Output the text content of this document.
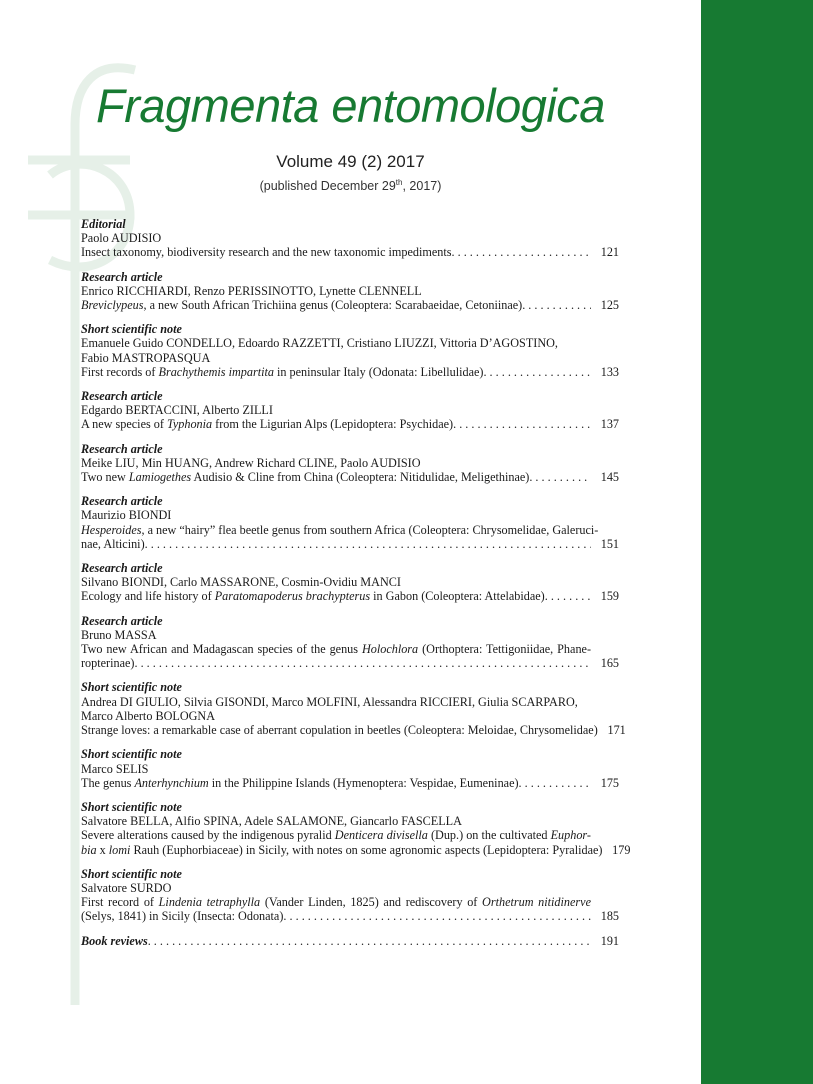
Fragmenta entomologica
Volume 49 (2) 2017
(published December 29th, 2017)
Editorial
Paolo AUDISIO
Insect taxonomy, biodiversity research and the new taxonomic impediments . . .	121
Research article
Enrico RICCHIARDI, Renzo PERISSINOTTO, Lynette CLENNELL
Breviclypeus, a new South African Trichiina genus (Coleoptera: Scarabaeidae, Cetoniinae) . . .	125
Short scientific note
Emanuele Guido CONDELLO, Edoardo RAZZETTI, Cristiano LIUZZI, Vittoria D’AGOSTINO,
Fabio MASTROPASQUA
First records of Brachythemis impartita in peninsular Italy (Odonata: Libellulidae) . . .	133
Research article
Edgardo BERTACCINI, Alberto ZILLI
A new species of Typhonia from the Ligurian Alps (Lepidoptera: Psychidae) . . .	137
Research article
Meike LIU, Min HUANG, Andrew Richard CLINE, Paolo AUDISIO
Two new Lamiogethes Audisio & Cline from China (Coleoptera: Nitidulidae, Meligethinae) . . .	145
Research article
Maurizio BIONDI
Hesperoides, a new “hairy” flea beetle genus from southern Africa (Coleoptera: Chrysomelidae, Galeruci-
nae, Alticini) . . .	151
Research article
Silvano BIONDI, Carlo MASSARONE, Cosmin-Ovidiu MANCI
Ecology and life history of Paratomapoderus brachypterus in Gabon (Coleoptera: Attelabidae) . . .	159
Research article
Bruno MASSA
Two new African and Madagascan species of the genus Holochlora (Orthoptera: Tettigoniidae, Phane-
ropterinae) . . .	165
Short scientific note
Andrea DI GIULIO, Silvia GISONDI, Marco MOLFINI, Alessandra RICCIERI, Giulia SCARPARO,
Marco Alberto BOLOGNA
Strange loves: a remarkable case of aberrant copulation in beetles (Coleoptera: Meloidae, Chrysomelidae) 171
Short scientific note
Marco SELIS
The genus Anterhynchium in the Philippine Islands (Hymenoptera: Vespidae, Eumeninae) . . .	175
Short scientific note
Salvatore BELLA, Alfio SPINA, Adele SALAMONE, Giancarlo FASCELLA
Severe alterations caused by the indigenous pyralid Denticera divisella (Dup.) on the cultivated Euphor-
bia x lomi Rauh (Euphorbiaceae) in Sicily, with notes on some agronomic aspects (Lepidoptera: Pyralidae) 179
Short scientific note
Salvatore SURDO
First record of Lindenia tetraphylla (Vander Linden, 1825) and rediscovery of Orthetrum nitidinerve
(Selys, 1841) in Sicily (Insecta: Odonata) . . .	185
Book reviews . . .	191
